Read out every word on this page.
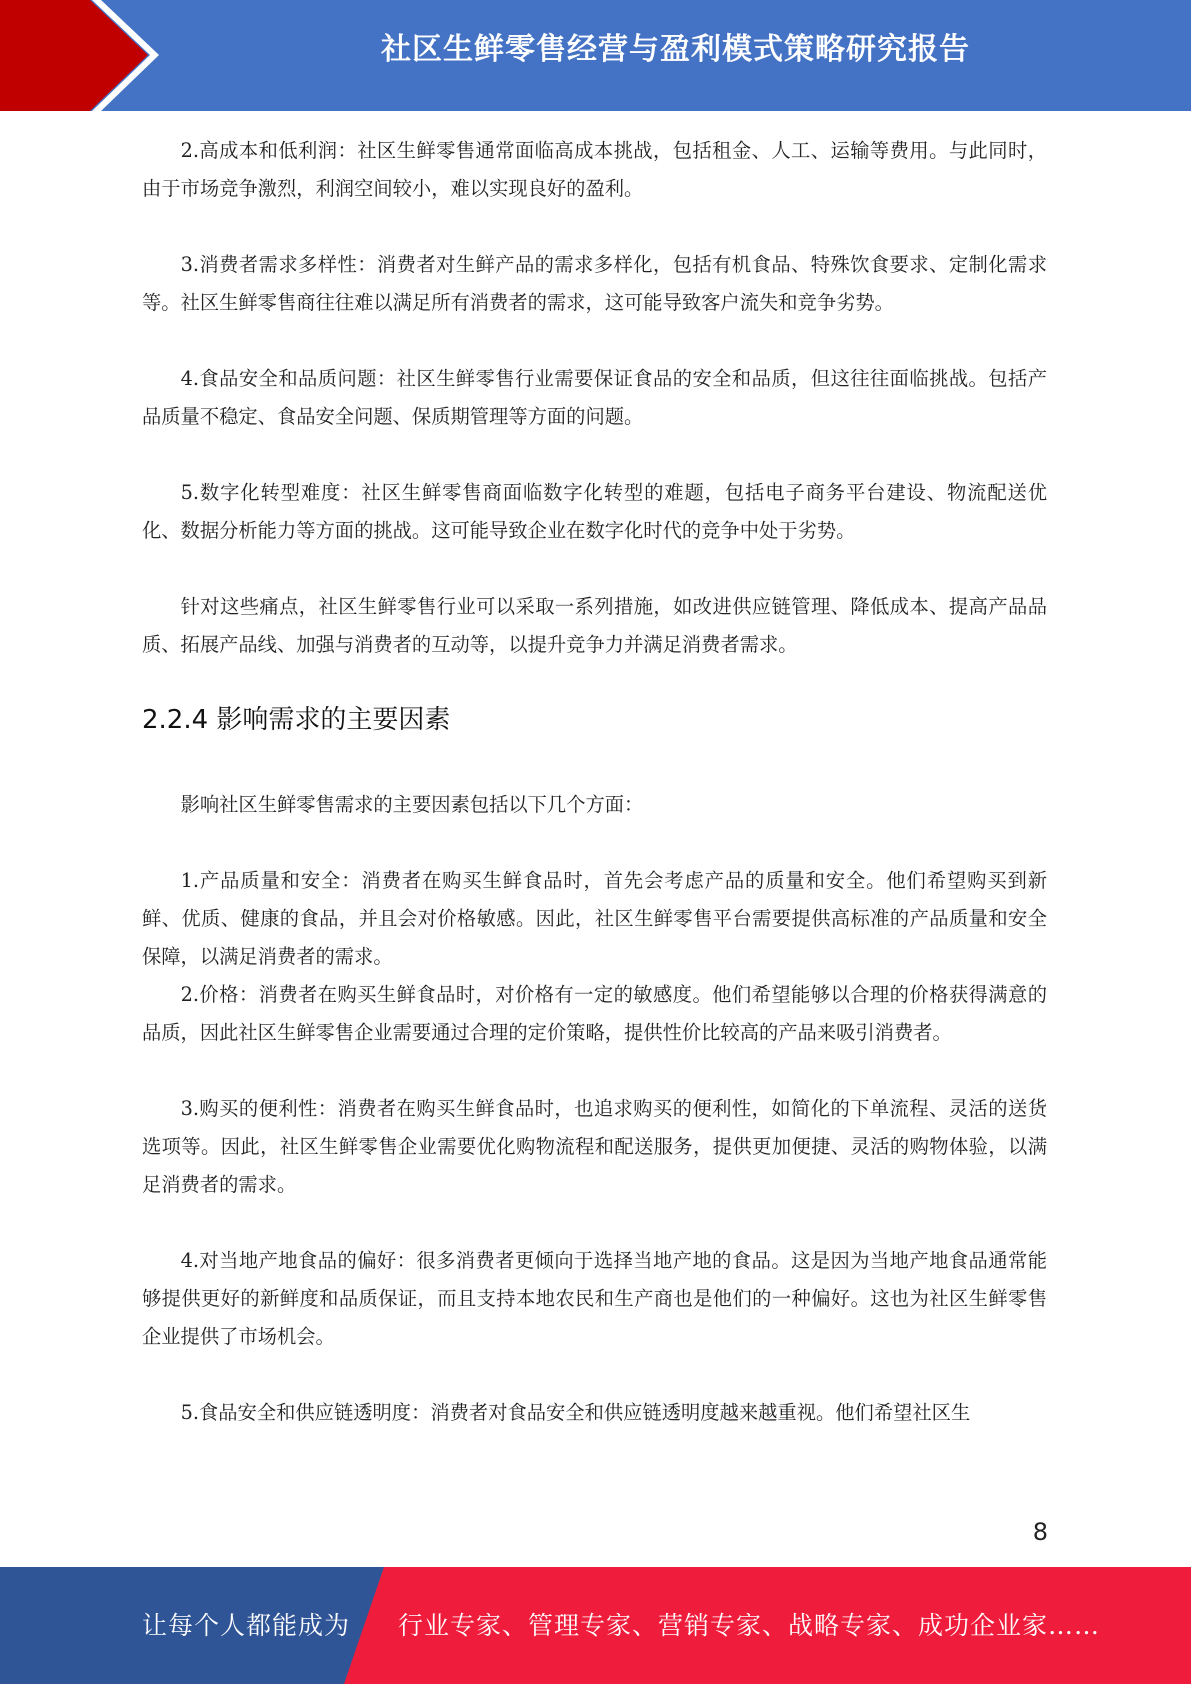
社区生鲜零售经营与盈利模式策略研究报告

2.高成本和低利润：社区生鲜零售通常面临高成本挑战，包括租金、人工、运输等费用。与此同时，由于市场竞争激烈，利润空间较小，难以实现良好的盈利。

3.消费者需求多样性：消费者对生鲜产品的需求多样化，包括有机食品、特殊饮食要求、定制化需求等。社区生鲜零售商往往难以满足所有消费者的需求，这可能导致客户流失和竞争劣势。

4.食品安全和品质问题：社区生鲜零售行业需要保证食品的安全和品质，但这往往面临挑战。包括产品质量不稳定、食品安全问题、保质期管理等方面的问题。

5.数字化转型难度：社区生鲜零售商面临数字化转型的难题，包括电子商务平台建设、物流配送优化、数据分析能力等方面的挑战。这可能导致企业在数字化时代的竞争中处于劣势。

针对这些痛点，社区生鲜零售行业可以采取一系列措施，如改进供应链管理、降低成本、提高产品品质、拓展产品线、加强与消费者的互动等，以提升竞争力并满足消费者需求。

2.2.4 影响需求的主要因素

影响社区生鲜零售需求的主要因素包括以下几个方面：

1.产品质量和安全：消费者在购买生鲜食品时，首先会考虑产品的质量和安全。他们希望购买到新鲜、优质、健康的食品，并且会对价格敏感。因此，社区生鲜零售平台需要提供高标准的产品质量和安全保障，以满足消费者的需求。

2.价格：消费者在购买生鲜食品时，对价格有一定的敏感度。他们希望能够以合理的价格获得满意的品质，因此社区生鲜零售企业需要通过合理的定价策略，提供性价比较高的产品来吸引消费者。

3.购买的便利性：消费者在购买生鲜食品时，也追求购买的便利性，如简化的下单流程、灵活的送货选项等。因此，社区生鲜零售企业需要优化购物流程和配送服务，提供更加便捷、灵活的购物体验，以满足消费者的需求。

4.对当地产地食品的偏好：很多消费者更倾向于选择当地产地的食品。这是因为当地产地食品通常能够提供更好的新鲜度和品质保证，而且支持本地农民和生产商也是他们的一种偏好。这也为社区生鲜零售企业提供了市场机会。

5.食品安全和供应链透明度：消费者对食品安全和供应链透明度越来越重视。他们希望社区生

8
让每个人都能成为 行业专家、管理专家、营销专家、战略专家、成功企业家……
